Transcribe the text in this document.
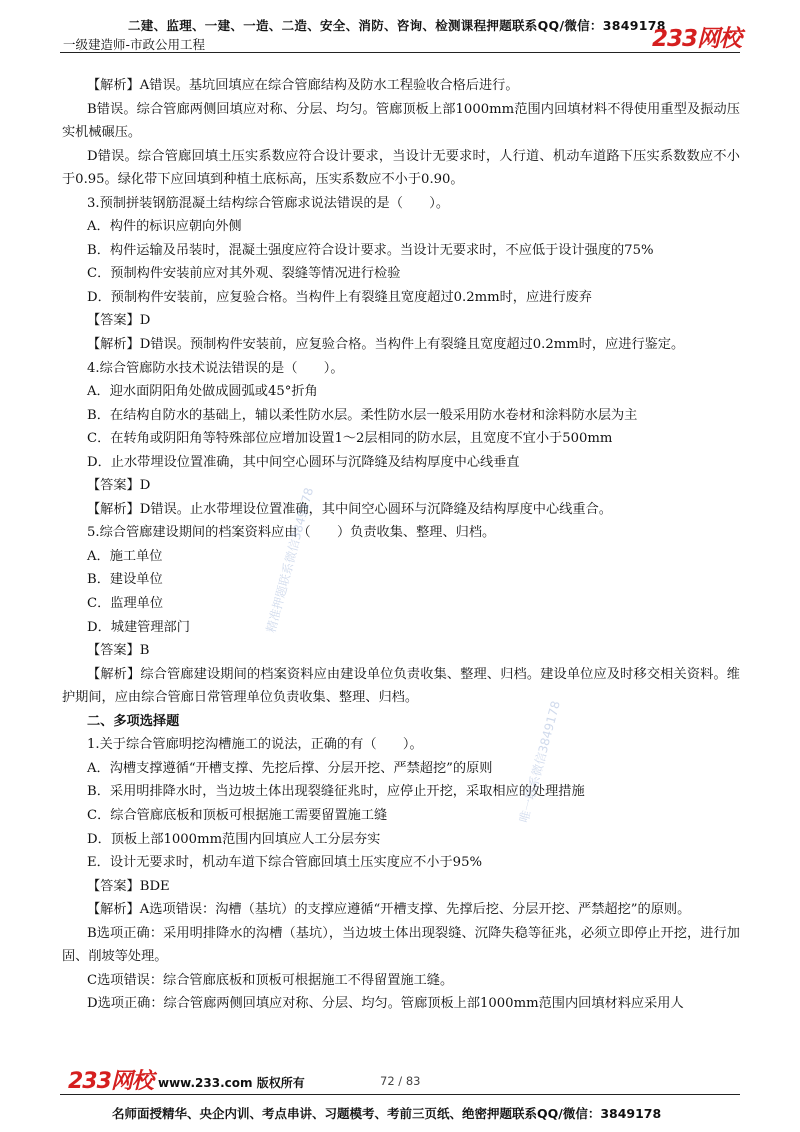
二建、监理、一建、一造、二造、安全、消防、咨询、检测课程押题联系QQ/微信：3849178
一级建造师-市政公用工程	233网校

【解析】A错误。基坑回填应在综合管廊结构及防水工程验收合格后进行。

B错误。综合管廊两侧回填应对称、分层、均匀。管廊顶板上部1000mm范围内回填材料不得使用重型及振动压实机械碾压。

D错误。综合管廊回填土压实系数应符合设计要求，当设计无要求时，人行道、机动车道路下压实系数数应不小于0.95。绿化带下应回填到种植土底标高，压实系数应不小于0.90。

3.预制拼装钢筋混凝土结构综合管廊求说法错误的是（　　）。

A．构件的标识应朝向外侧

B．构件运输及吊装时，混凝土强度应符合设计要求。当设计无要求时，不应低于设计强度的75%

C．预制构件安装前应对其外观、裂缝等情况进行检验

D．预制构件安装前，应复验合格。当构件上有裂缝且宽度超过0.2mm时，应进行废弃

【答案】D

【解析】D错误。预制构件安装前，应复验合格。当构件上有裂缝且宽度超过0.2mm时，应进行鉴定。

4.综合管廊防水技术说法错误的是（　　）。

A．迎水面阴阳角处做成圆弧或45°折角

B．在结构自防水的基础上，辅以柔性防水层。柔性防水层一般采用防水卷材和涂料防水层为主

C．在转角或阴阳角等特殊部位应增加设置1～2层相同的防水层，且宽度不宜小于500mm

D．止水带埋设位置准确，其中间空心圆环与沉降缝及结构厚度中心线垂直

【答案】D

【解析】D错误。止水带埋设位置准确，其中间空心圆环与沉降缝及结构厚度中心线重合。

5.综合管廊建设期间的档案资料应由（　　）负责收集、整理、归档。

A．施工单位

B．建设单位

C．监理单位

D．城建管理部门

【答案】B

【解析】综合管廊建设期间的档案资料应由建设单位负责收集、整理、归档。建设单位应及时移交相关资料。维护期间，应由综合管廊日常管理单位负责收集、整理、归档。

二、多项选择题

1.关于综合管廊明挖沟槽施工的说法，正确的有（　　）。

A．沟槽支撑遵循“开槽支撑、先挖后撑、分层开挖、严禁超挖”的原则

B．采用明排降水时，当边坡土体出现裂缝征兆时，应停止开挖，采取相应的处理措施

C．综合管廊底板和顶板可根据施工需要留置施工缝

D．顶板上部1000mm范围内回填应人工分层夯实

E．设计无要求时，机动车道下综合管廊回填土压实度应不小于95%

【答案】BDE

【解析】A选项错误：沟槽（基坑）的支撑应遵循“开槽支撑、先撑后挖、分层开挖、严禁超挖”的原则。

B选项正确：采用明排降水的沟槽（基坑），当边坡土体出现裂缝、沉降失稳等征兆，必须立即停止开挖，进行加固、削坡等处理。

C选项错误：综合管廊底板和顶板可根据施工不得留置施工缝。

D选项正确：综合管廊两侧回填应对称、分层、均匀。管廊顶板上部1000mm范围内回填材料应采用人

精准押题联系微信3849178
唯一联系微信3849178
233网校 www.233.com 版权所有	72 / 83
名师面授精华、央企内训、考点串讲、习题模考、考前三页纸、绝密押题联系QQ/微信：3849178
